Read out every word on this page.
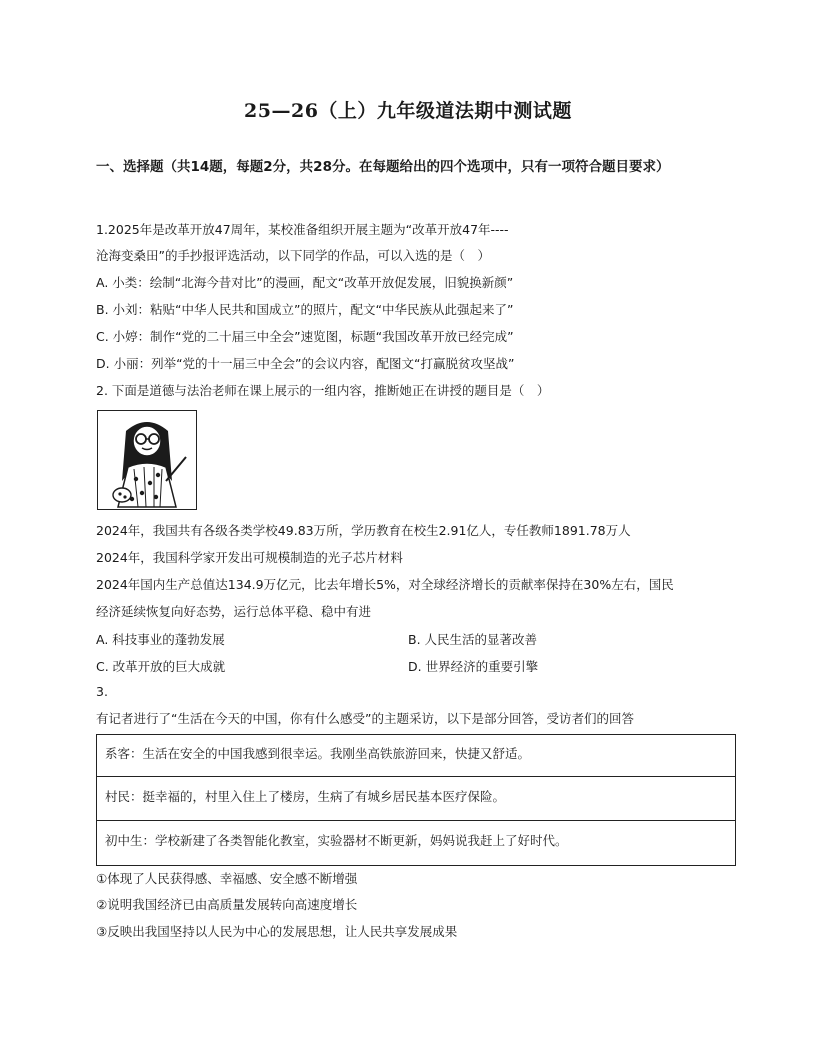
25—26（上）九年级道法期中测试题
一、选择题（共14题，每题2分，共28分。在每题给出的四个选项中，只有一项符合题目要求）
1.2025年是改革开放47周年，某校准备组织开展主题为“改革开放47年----
沧海变桑田”的手抄报评选活动，以下同学的作品，可以入选的是（　）
A. 小类：绘制“北海今昔对比”的漫画，配文“改革开放促发展，旧貌换新颜”
B. 小刘：粘贴“中华人民共和国成立”的照片，配文“中华民族从此强起来了”
C. 小婷：制作“党的二十届三中全会”速览图，标题“我国改革开放已经完成”
D. 小丽：列举“党的十一届三中全会”的会议内容，配图文“打赢脱贫攻坚战”
2. 下面是道德与法治老师在课上展示的一组内容，推断她正在讲授的题目是（　）
2024年，我国共有各级各类学校49.83万所，学历教育在校生2.91亿人，专任教师1891.78万人
2024年，我国科学家开发出可规模制造的光子芯片材料
2024年国内生产总值达134.9万亿元，比去年增长5%，对全球经济增长的贡献率保持在30%左右，国民
经济延续恢复向好态势，运行总体平稳、稳中有进
A. 科技事业的蓬勃发展	B. 人民生活的显著改善
C. 改革开放的巨大成就	D. 世界经济的重要引擎
3.
有记者进行了“生活在今天的中国，你有什么感受”的主题采访，以下是部分回答，受访者们的回答
系客：生活在安全的中国我感到很幸运。我刚坐高铁旅游回来，快捷又舒适。
村民：挺幸福的，村里入住上了楼房，生病了有城乡居民基本医疗保险。
初中生：学校新建了各类智能化教室，实验器材不断更新，妈妈说我赶上了好时代。
①体现了人民获得感、幸福感、安全感不断增强
②说明我国经济已由高质量发展转向高速度增长
③反映出我国坚持以人民为中心的发展思想，让人民共享发展成果
